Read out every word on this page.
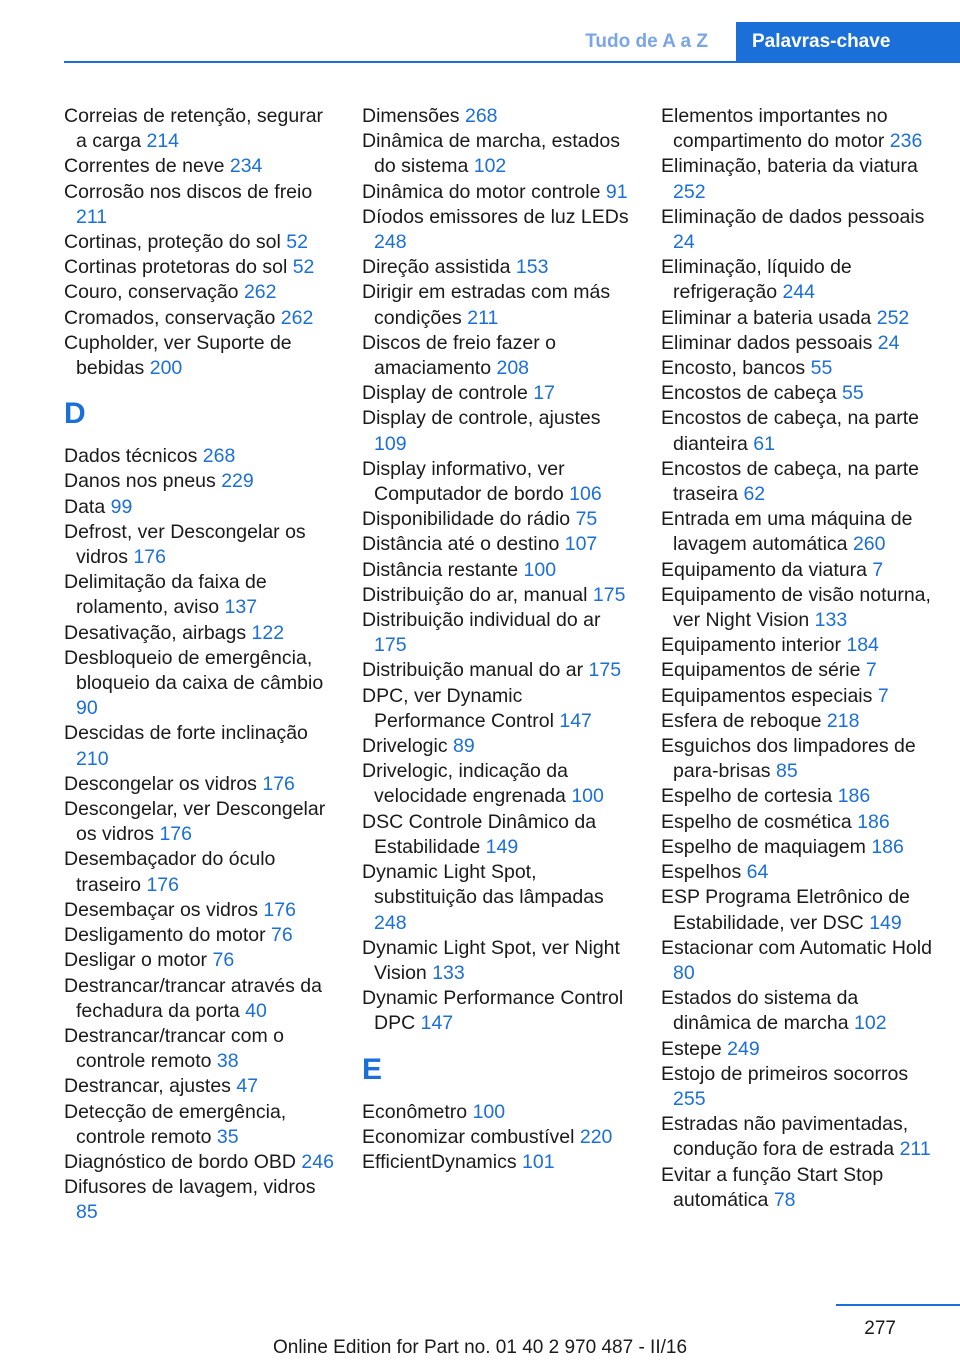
Tudo de A a Z	Palavras-chave
Correias de retenção, segurar a carga 214
Correntes de neve 234
Corrosão nos discos de freio 211
Cortinas, proteção do sol 52
Cortinas protetoras do sol 52
Couro, conservação 262
Cromados, conservação 262
Cupholder, ver Suporte de bebidas 200
D
Dados técnicos 268
Danos nos pneus 229
Data 99
Defrost, ver Descongelar os vidros 176
Delimitação da faixa de rolamento, aviso 137
Desativação, airbags 122
Desbloqueio de emergência, bloqueio da caixa de câmbio 90
Descidas de forte inclinação 210
Descongelar os vidros 176
Descongelar, ver Descongelar os vidros 176
Desembaçador do óculo traseiro 176
Desembaçar os vidros 176
Desligamento do motor 76
Desligar o motor 76
Destrancar/trancar através da fechadura da porta 40
Destrancar/trancar com o controle remoto 38
Destrancar, ajustes 47
Detecção de emergência, controle remoto 35
Diagnóstico de bordo OBD 246
Difusores de lavagem, vidros 85
Dimensões 268
Dinâmica de marcha, estados do sistema 102
Dinâmica do motor controle 91
Díodos emissores de luz LEDs 248
Direção assistida 153
Dirigir em estradas com más condições 211
Discos de freio fazer o amaciamento 208
Display de controle 17
Display de controle, ajustes 109
Display informativo, ver Computador de bordo 106
Disponibilidade do rádio 75
Distância até o destino 107
Distância restante 100
Distribuição do ar, manual 175
Distribuição individual do ar 175
Distribuição manual do ar 175
DPC, ver Dynamic Performance Control 147
Drivelogic 89
Drivelogic, indicação da velocidade engrenada 100
DSC Controle Dinâmico da Estabilidade 149
Dynamic Light Spot, substituição das lâmpadas 248
Dynamic Light Spot, ver Night Vision 133
Dynamic Performance Control DPC 147
E
Econômetro 100
Economizar combustível 220
EfficientDynamics 101
Elementos importantes no compartimento do motor 236
Eliminação, bateria da viatura 252
Eliminação de dados pessoais 24
Eliminação, líquido de refrigeração 244
Eliminar a bateria usada 252
Eliminar dados pessoais 24
Encosto, bancos 55
Encostos de cabeça 55
Encostos de cabeça, na parte dianteira 61
Encostos de cabeça, na parte traseira 62
Entrada em uma máquina de lavagem automática 260
Equipamento da viatura 7
Equipamento de visão noturna, ver Night Vision 133
Equipamento interior 184
Equipamentos de série 7
Equipamentos especiais 7
Esfera de reboque 218
Esguichos dos limpadores de para-brisas 85
Espelho de cortesia 186
Espelho de cosmética 186
Espelho de maquiagem 186
Espelhos 64
ESP Programa Eletrônico de Estabilidade, ver DSC 149
Estacionar com Automatic Hold 80
Estados do sistema da dinâmica de marcha 102
Estepe 249
Estojo de primeiros socorros 255
Estradas não pavimentadas, condução fora de estrada 211
Evitar a função Start Stop automática 78
277
Online Edition for Part no. 01 40 2 970 487 - II/16
